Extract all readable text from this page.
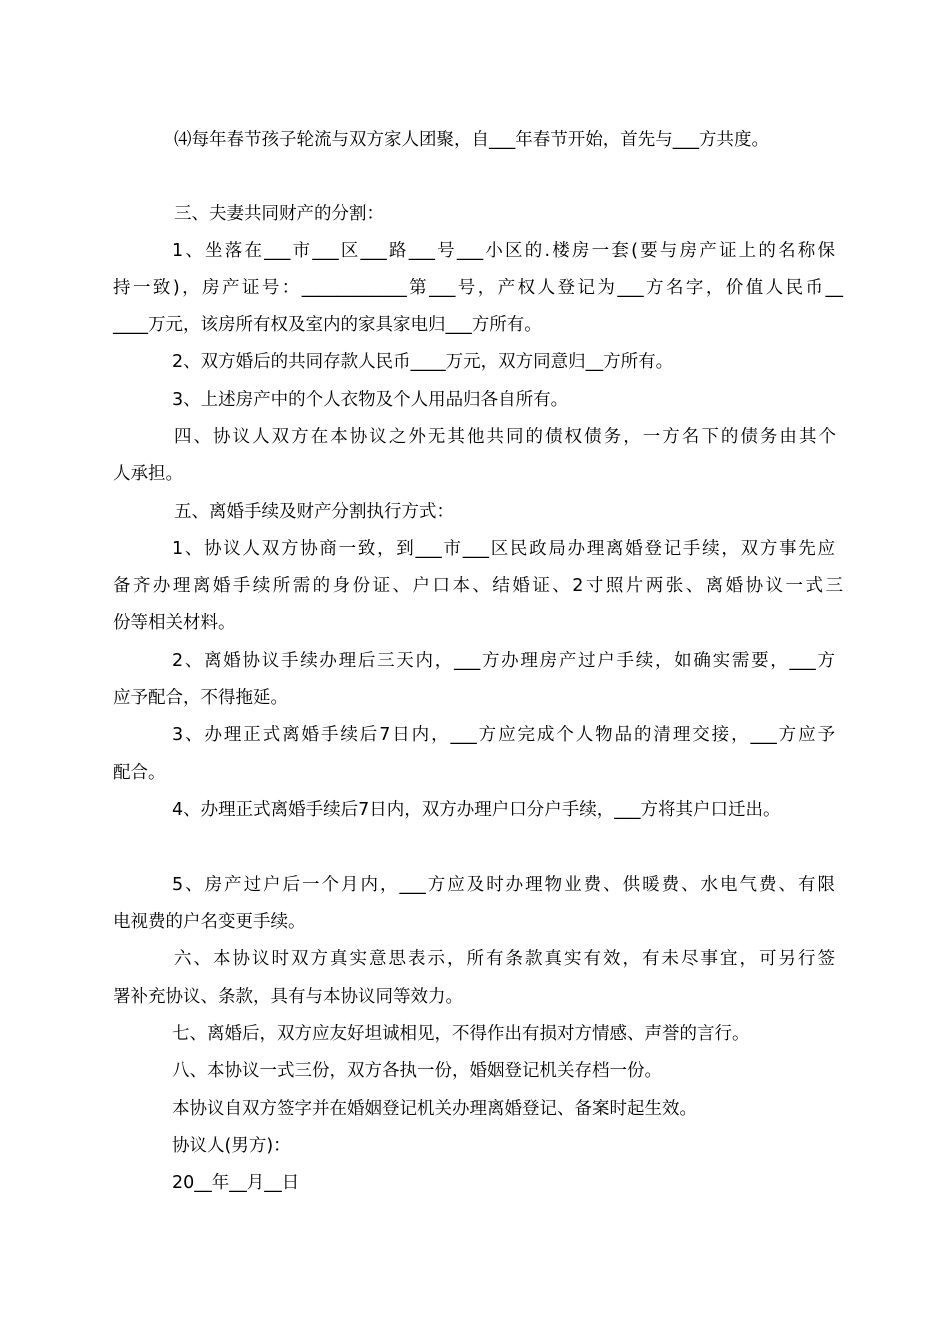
⑷每年春节孩子轮流与双方家人团聚，自___年春节开始，首先与___方共度。
三、夫妻共同财产的分割：
1、坐落在___市___区___路___号___小区的.楼房一套(要与房产证上的名称保
持一致)，房产证号：____________第___号，产权人登记为___方名字，价值人民币__
____万元，该房所有权及室内的家具家电归___方所有。
2、双方婚后的共同存款人民币____万元，双方同意归__方所有。
3、上述房产中的个人衣物及个人用品归各自所有。
四、协议人双方在本协议之外无其他共同的债权债务，一方名下的债务由其个
人承担。
五、离婚手续及财产分割执行方式：
1、协议人双方协商一致，到___市___区民政局办理离婚登记手续，双方事先应
备齐办理离婚手续所需的身份证、户口本、结婚证、2寸照片两张、离婚协议一式三
份等相关材料。
2、离婚协议手续办理后三天内，___方办理房产过户手续，如确实需要，___方
应予配合，不得拖延。
3、办理正式离婚手续后7日内，___方应完成个人物品的清理交接，___方应予
配合。
4、办理正式离婚手续后7日内，双方办理户口分户手续，___方将其户口迁出。
5、房产过户后一个月内，___方应及时办理物业费、供暖费、水电气费、有限
电视费的户名变更手续。
六、本协议时双方真实意思表示，所有条款真实有效，有未尽事宜，可另行签
署补充协议、条款，具有与本协议同等效力。
七、离婚后，双方应友好坦诚相见，不得作出有损对方情感、声誉的言行。
八、本协议一式三份，双方各执一份，婚姻登记机关存档一份。
本协议自双方签字并在婚姻登记机关办理离婚登记、备案时起生效。
协议人(男方)：
20__年__月__日
